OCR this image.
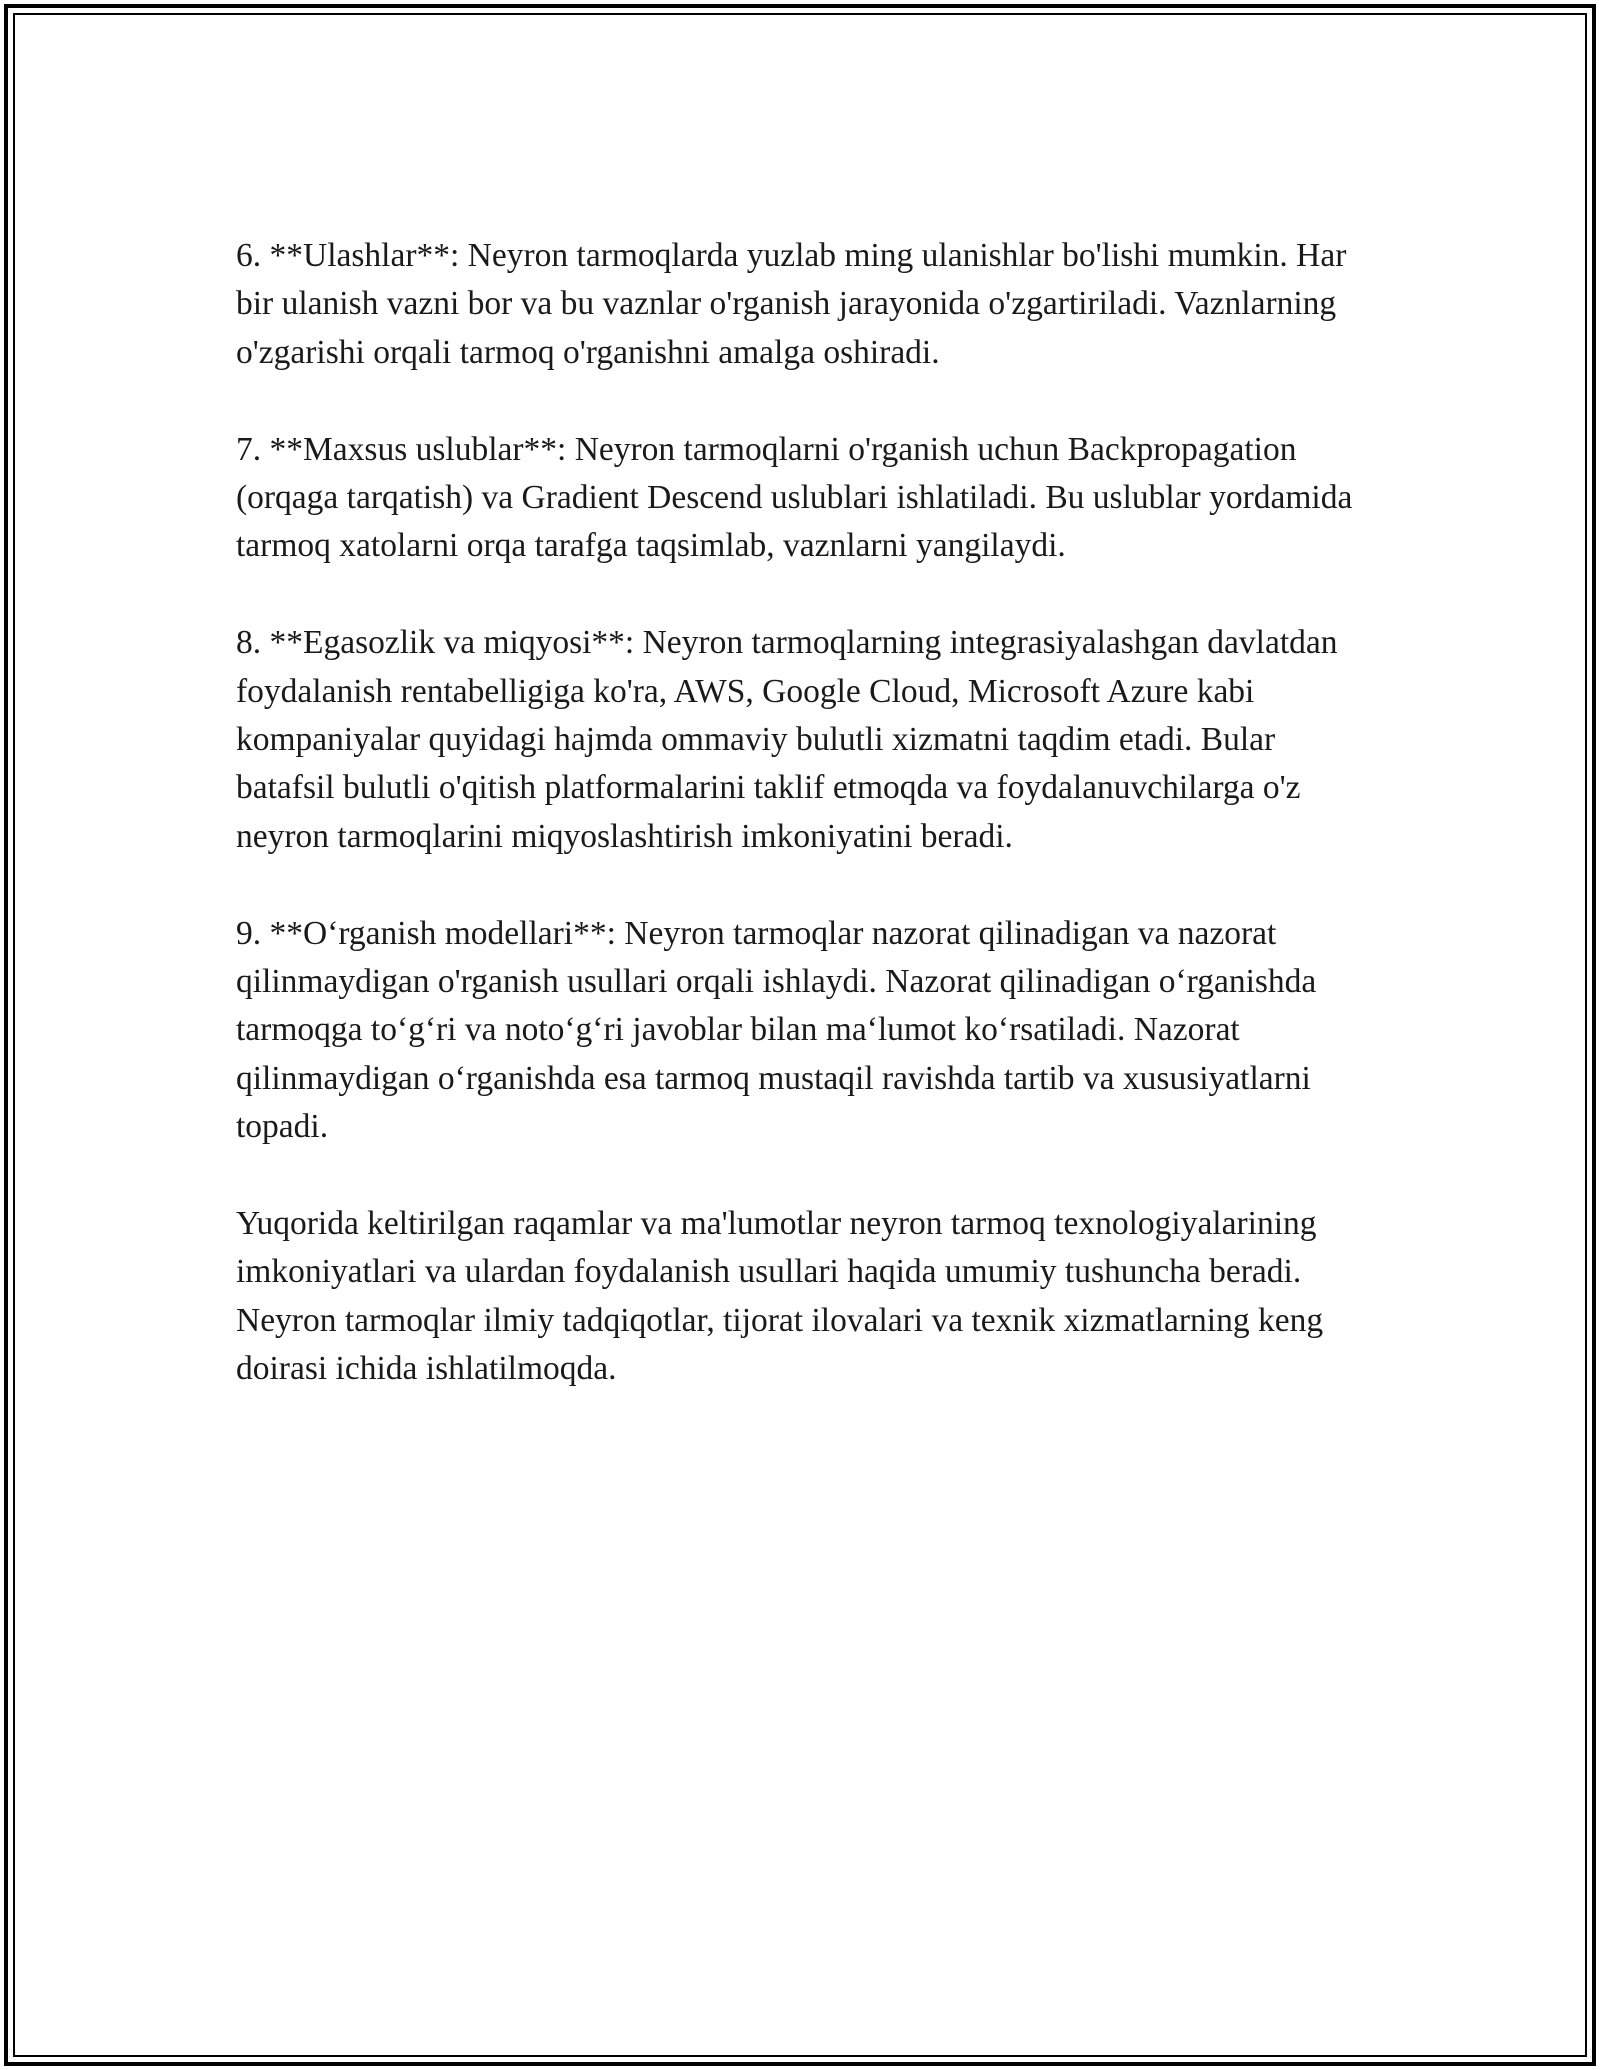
6. **Ulashlar**: Neyron tarmoqlarda yuzlab ming ulanishlar bo'lishi mumkin. Har bir ulanish vazni bor va bu vaznlar o'rganish jarayonida o'zgartiriladi. Vaznlarning o'zgarishi orqali tarmoq o'rganishni amalga oshiradi.

7. **Maxsus uslublar**: Neyron tarmoqlarni o'rganish uchun Backpropagation (orqaga tarqatish) va Gradient Descend uslublari ishlatiladi. Bu uslublar yordamida tarmoq xatolarni orqa tarafga taqsimlab, vaznlarni yangilaydi.

8. **Egasozlik va miqyosi**: Neyron tarmoqlarning integrasiyalashgan davlatdan foydalanish rentabelligiga ko'ra, AWS, Google Cloud, Microsoft Azure kabi kompaniyalar quyidagi hajmda ommaviy bulutli xizmatni taqdim etadi. Bular batafsil bulutli o'qitish platformalarini taklif etmoqda va foydalanuvchilarga o'z neyron tarmoqlarini miqyoslashtirish imkoniyatini beradi.

9. **O‘rganish modellari**: Neyron tarmoqlar nazorat qilinadigan va nazorat qilinmaydigan o'rganish usullari orqali ishlaydi. Nazorat qilinadigan o‘rganishda tarmoqga to‘g‘ri va noto‘g‘ri javoblar bilan ma‘lumot ko‘rsatiladi. Nazorat qilinmaydigan o‘rganishda esa tarmoq mustaqil ravishda tartib va xususiyatlarni topadi.

Yuqorida keltirilgan raqamlar va ma'lumotlar neyron tarmoq texnologiyalarining imkoniyatlari va ulardan foydalanish usullari haqida umumiy tushuncha beradi. Neyron tarmoqlar ilmiy tadqiqotlar, tijorat ilovalari va texnik xizmatlarning keng doirasi ichida ishlatilmoqda.
